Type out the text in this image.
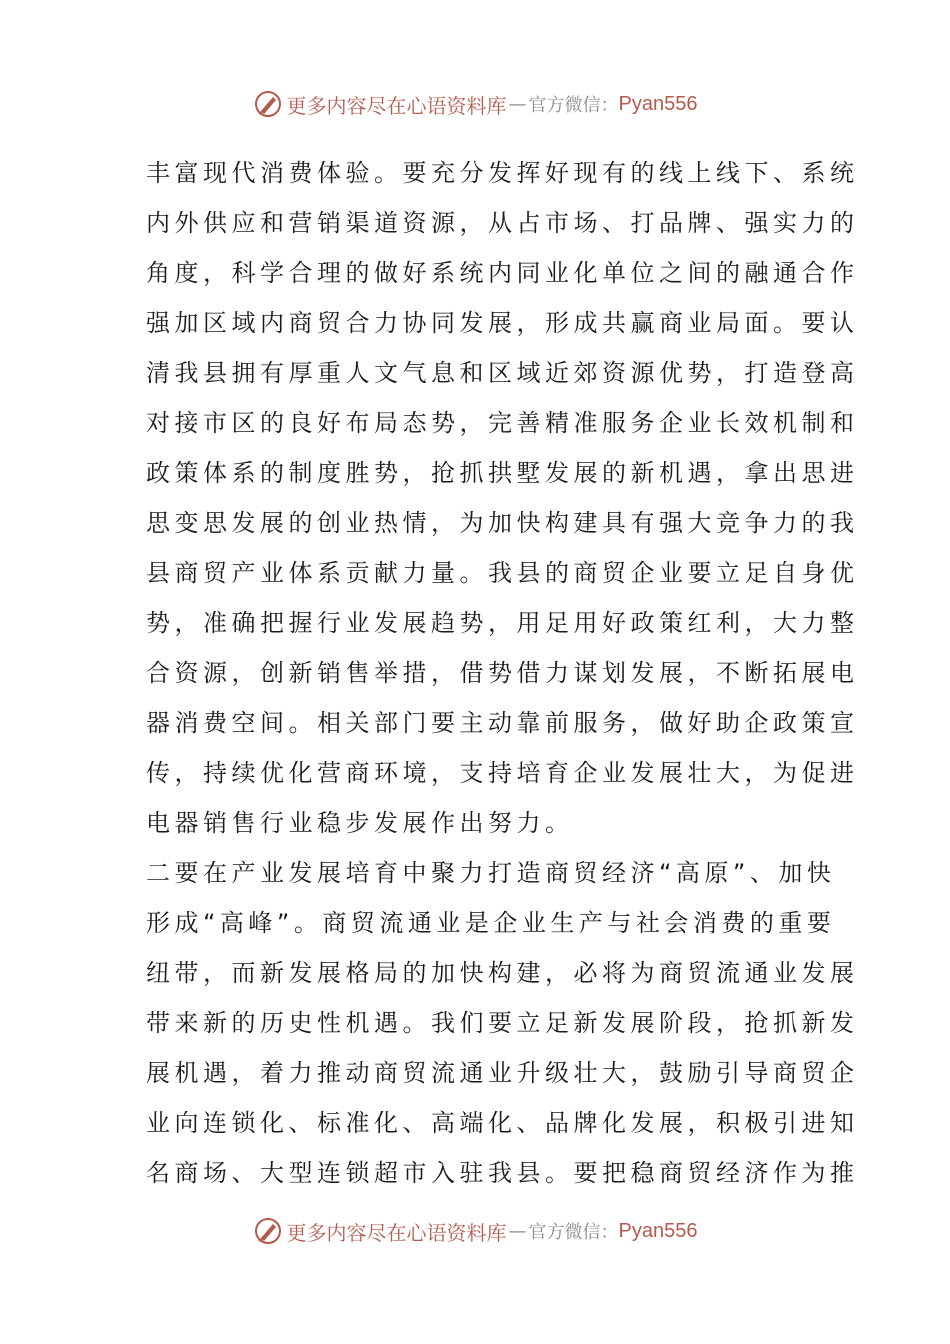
更多内容尽在心语资料库 — 官方微信： Pyan556
丰富现代消费体验。要充分发挥好现有的线上线下、系统
内外供应和营销渠道资源，从占市场、打品牌、强实力的
角度，科学合理的做好系统内同业化单位之间的融通合作
强加区域内商贸合力协同发展，形成共赢商业局面。要认
清我县拥有厚重人文气息和区域近郊资源优势，打造登高
对接市区的良好布局态势，完善精准服务企业长效机制和
政策体系的制度胜势，抢抓拱墅发展的新机遇，拿出思进
思变思发展的创业热情，为加快构建具有强大竞争力的我
县商贸产业体系贡献力量。我县的商贸企业要立足自身优
势，准确把握行业发展趋势，用足用好政策红利，大力整
合资源，创新销售举措，借势借力谋划发展，不断拓展电
器消费空间。相关部门要主动靠前服务，做好助企政策宣
传，持续优化营商环境，支持培育企业发展壮大，为促进
电器销售行业稳步发展作出努力。
二要在产业发展培育中聚力打造商贸经济“高原”、加快
形成“高峰”。商贸流通业是企业生产与社会消费的重要
纽带，而新发展格局的加快构建，必将为商贸流通业发展
带来新的历史性机遇。我们要立足新发展阶段，抢抓新发
展机遇，着力推动商贸流通业升级壮大，鼓励引导商贸企
业向连锁化、标准化、高端化、品牌化发展，积极引进知
名商场、大型连锁超市入驻我县。要把稳商贸经济作为推
更多内容尽在心语资料库 — 官方微信： Pyan556
